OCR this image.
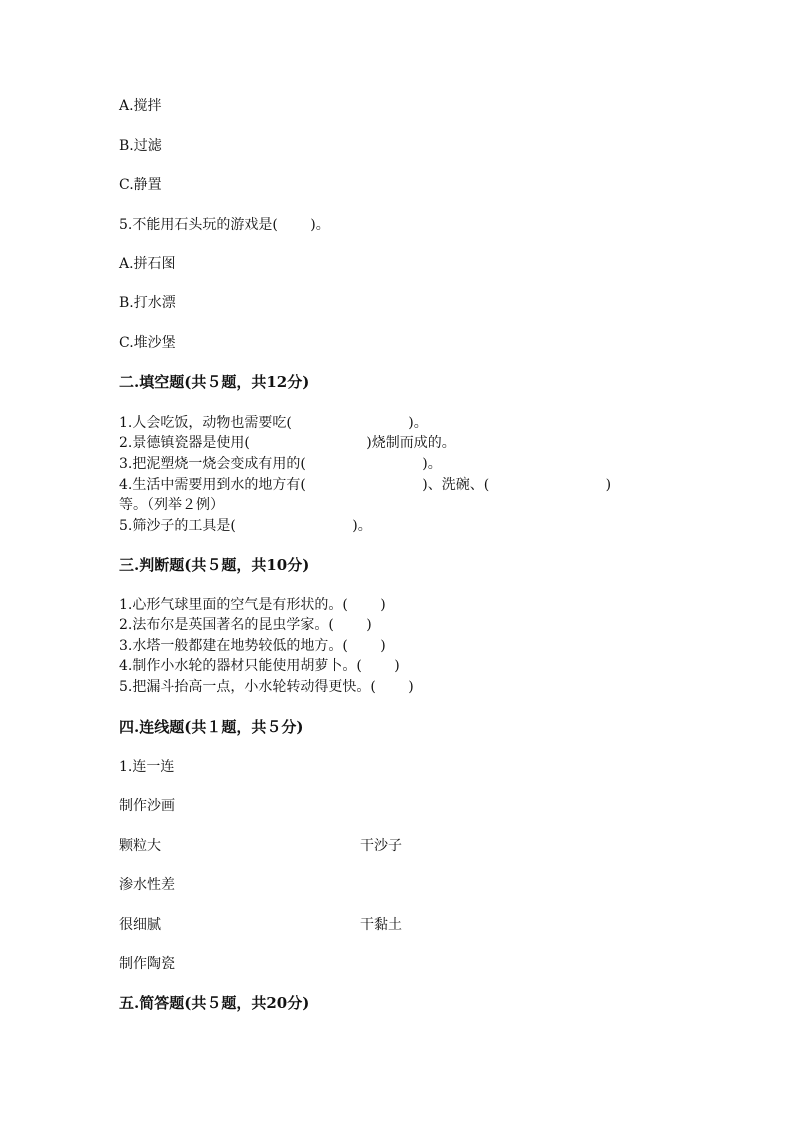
A.搅拌
B.过滤
C.静置
5.不能用石头玩的游戏是(　　 )。
A.拼石图
B.打水漂
C.堆沙堡
二.填空题(共５题，共12分)
1.人会吃饭，动物也需要吃(　　　　　　　　 )。
2.景德镇瓷器是使用(　　　　　　　　 )烧制而成的。
3.把泥塑烧一烧会变成有用的(　　　　　　　　 )。
4.生活中需要用到水的地方有(　　　　　　　　 )、洗碗、(　　　　　　　　 )
等。（列举２例）
5.筛沙子的工具是(　　　　　　　　 )。
三.判断题(共５题，共10分)
1.心形气球里面的空气是有形状的。(　　 )
2.法布尔是英国著名的昆虫学家。(　　 )
3.水塔一般都建在地势较低的地方。(　　 )
4.制作小水轮的器材只能使用胡萝卜。(　　 )
5.把漏斗抬高一点，小水轮转动得更快。(　　 )
四.连线题(共１题，共５分)
1.连一连
制作沙画
颗粒大	干沙子
渗水性差
很细腻	干黏土
制作陶瓷
五.简答题(共５题，共20分)
